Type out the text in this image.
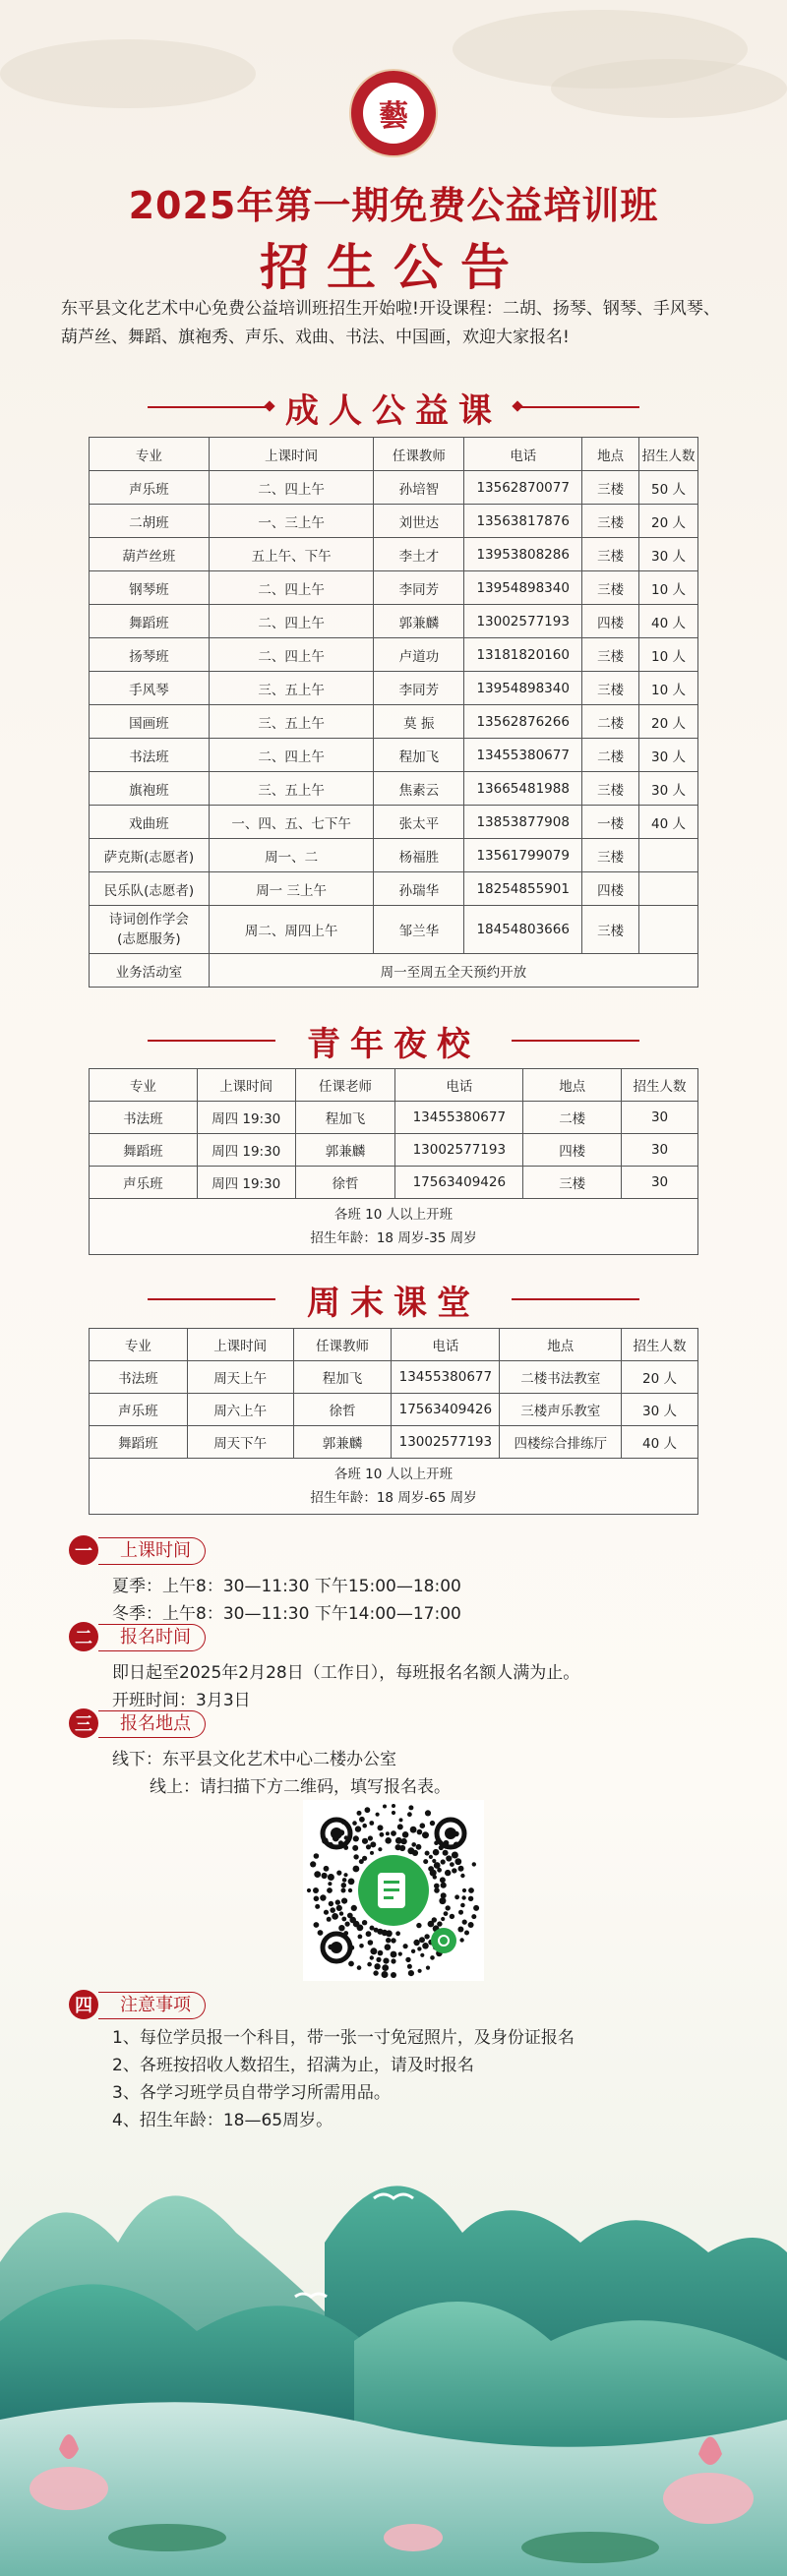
藝
2025年第一期免费公益培训班
招生公告
东平县文化艺术中心免费公益培训班招生开始啦!开设课程：二胡、扬琴、钢琴、手风琴、葫芦丝、舞蹈、旗袍秀、声乐、戏曲、书法、中国画，欢迎大家报名!
成人公益课
专业	上课时间	任课教师	电话	地点	招生人数
声乐班	二、四上午	孙培智	13562870077	三楼	50 人
二胡班	一、三上午	刘世达	13563817876	三楼	20 人
葫芦丝班	五上午、下午	李土才	13953808286	三楼	30 人
钢琴班	二、四上午	李同芳	13954898340	三楼	10 人
舞蹈班	二、四上午	郭兼麟	13002577193	四楼	40 人
扬琴班	二、四上午	卢道功	13181820160	三楼	10 人
手风琴	三、五上午	李同芳	13954898340	三楼	10 人
国画班	三、五上午	莫 振	13562876266	二楼	20 人
书法班	二、四上午	程加飞	13455380677	二楼	30 人
旗袍班	三、五上午	焦素云	13665481988	三楼	30 人
戏曲班	一、四、五、七下午	张太平	13853877908	一楼	40 人
萨克斯(志愿者)	周一、二	杨福胜	13561799079	三楼	
民乐队(志愿者)	周一 三上午	孙瑞华	18254855901	四楼	
诗词创作学会
(志愿服务)	周二、周四上午	邹兰华	18454803666	三楼	
业务活动室	周一至周五全天预约开放				
青年夜校
专业	上课时间	任课老师	电话	地点	招生人数
书法班	周四 19:30	程加飞	13455380677	二楼	30
舞蹈班	周四 19:30	郭兼麟	13002577193	四楼	30
声乐班	周四 19:30	徐哲	17563409426	三楼	30
各班 10 人以上开班
招生年龄：18 周岁-35 周岁					
周末课堂
专业	上课时间	任课教师	电话	地点	招生人数
书法班	周天上午	程加飞	13455380677	二楼书法教室	20 人
声乐班	周六上午	徐哲	17563409426	三楼声乐教室	30 人
舞蹈班	周天下午	郭兼麟	13002577193	四楼综合排练厅	40 人
各班 10 人以上开班
招生年龄：18 周岁-65 周岁					
上课时间
一
夏季：上午8：30—11:30 下午15:00—18:00
冬季：上午8：30—11:30 下午14:00—17:00
报名时间
二
即日起至2025年2月28日（工作日），每班报名名额人满为止。
开班时间：3月3日
报名地点
三
线下：东平县文化艺术中心二楼办公室
线上：请扫描下方二维码，填写报名表。
注意事项
四
1、每位学员报一个科目，带一张一寸免冠照片，及身份证报名
2、各班按招收人数招生，招满为止，请及时报名
3、各学习班学员自带学习所需用品。
4、招生年龄：18—65周岁。
